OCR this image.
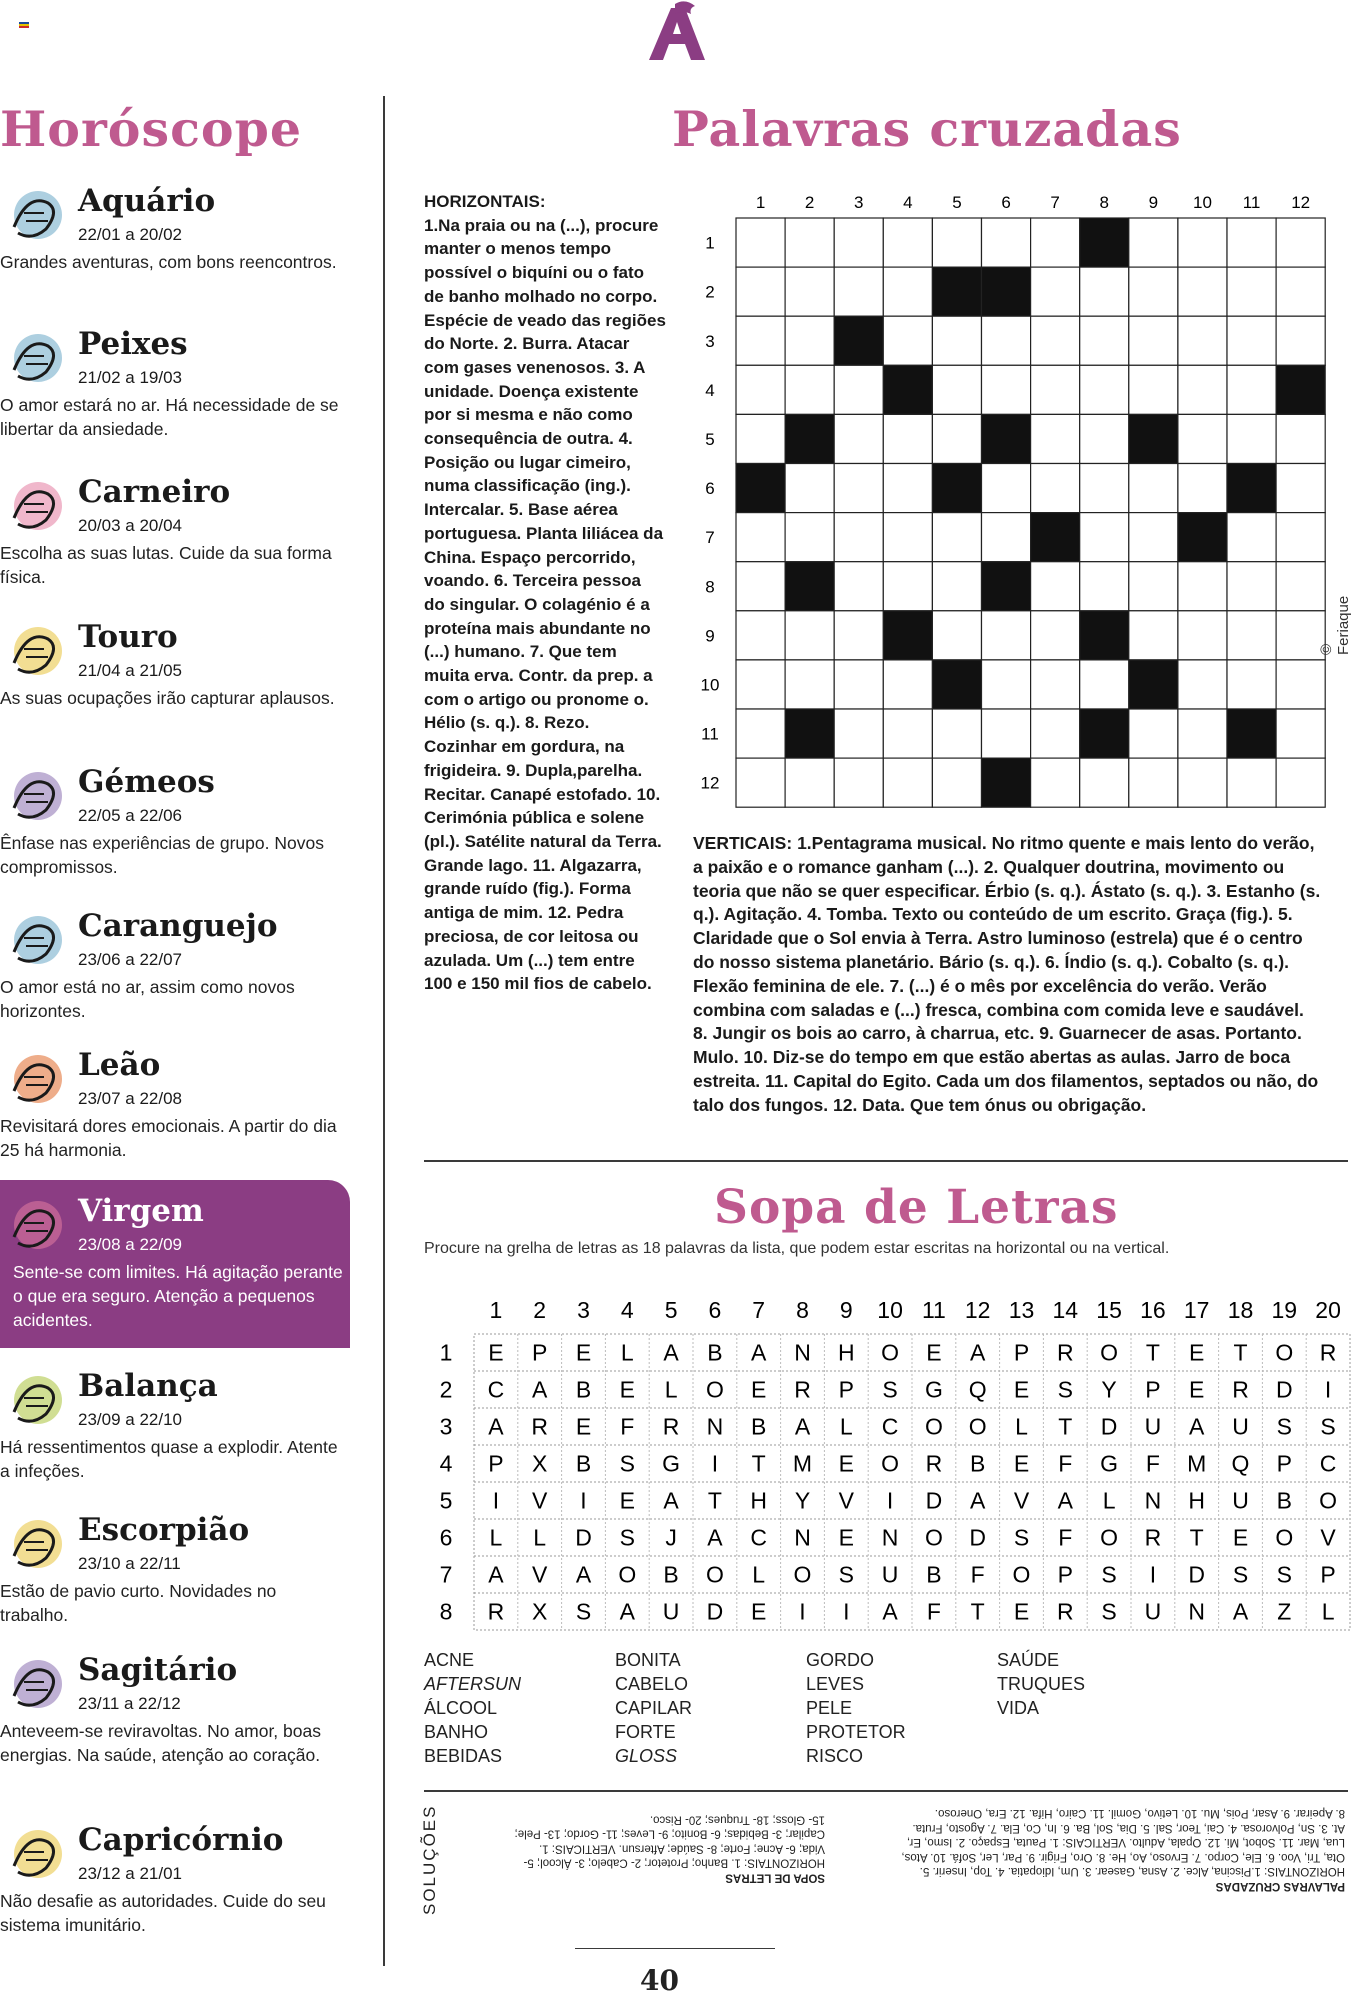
Horóscope
Aquário
22/01 a 20/02
Grandes aventuras, com bons reencontros.
Peixes
21/02 a 19/03
O amor estará no ar. Há necessidade de se libertar da ansiedade.
Carneiro
20/03 a 20/04
Escolha as suas lutas. Cuide da sua forma física.
Touro
21/04 a 21/05
As suas ocupações irão capturar aplausos.
Gémeos
22/05 a 22/06
Ênfase nas experiências de grupo. Novos compromissos.
Caranguejo
23/06 a 22/07
O amor está no ar, assim como novos horizontes.
Leão
23/07 a 22/08
Revisitará dores emocionais. A partir do dia 25 há harmonia.
Virgem
23/08 a 22/09
Sente-se com limites. Há agitação perante o que era seguro. Atenção a pequenos acidentes.
Balança
23/09 a 22/10
Há ressentimentos quase a explodir. Atente a infeções.
Escorpião
23/10 a 22/11
Estão de pavio curto. Novidades no trabalho.
Sagitário
23/11 a 22/12
Anteveem-se reviravoltas. No amor, boas energias. Na saúde, atenção ao coração.
Capricórnio
23/12 a 21/01
Não desafie as autoridades. Cuide do seu sistema imunitário.
Palavras cruzadas
HORIZONTAIS:
1.Na praia ou na (...), procure manter o menos tempo possível o biquíni ou o fato de banho molhado no corpo. Espécie de veado das regiões do Norte. 2. Burra. Atacar com gases venenosos. 3. A unidade. Doença existente por si mesma e não como consequência de outra. 4. Posição ou lugar cimeiro, numa classificação (ing.). Intercalar. 5. Base aérea portuguesa. Planta liliácea da China. Espaço percorrido, voando. 6. Terceira pessoa do singular. O colagénio é a proteína mais abundante no (...) humano. 7. Que tem muita erva. Contr. da prep. a com o artigo ou pronome o. Hélio (s. q.). 8. Rezo. Cozinhar em gordura, na frigideira. 9. Dupla,parelha. Recitar. Canapé estofado. 10. Cerimónia pública e solene (pl.). Satélite natural da Terra. Grande lago. 11. Algazarra, grande ruído (fig.). Forma antiga de mim. 12. Pedra preciosa, de cor leitosa ou azulada. Um (...) tem entre 100 e 150 mil fios de cabelo.
1 2 3 4 5 6 7 8 9 10 11 12
1
2
3
4
5
6
7
8
9
10
11
12
© Feriaque
VERTICAIS: 1.Pentagrama musical. No ritmo quente e mais lento do verão, a paixão e o romance ganham (...). 2. Qualquer doutrina, movimento ou teoria que não se quer especificar. Érbio (s. q.). Ástato (s. q.). 3. Estanho (s. q.). Agitação. 4. Tomba. Texto ou conteúdo de um escrito. Graça (fig.). 5. Claridade que o Sol envia à Terra. Astro luminoso (estrela) que é o centro do nosso sistema planetário. Bário (s. q.). 6. Índio (s. q.). Cobalto (s. q.). Flexão feminina de ele. 7. (...) é o mês por excelência do verão. Verão combina com saladas e (...) fresca, combina com comida leve e saudável. 8. Jungir os bois ao carro, à charrua, etc. 9. Guarnecer de asas. Portanto. Mulo. 10. Diz-se do tempo em que estão abertas as aulas. Jarro de boca estreita. 11. Capital do Egito. Cada um dos filamentos, septados ou não, do talo dos fungos. 12. Data. Que tem ónus ou obrigação.
Sopa de Letras
Procure na grelha de letras as 18 palavras da lista, que podem estar escritas na horizontal ou na vertical.
1 2 3 4 5 6 7 8 9 10 11 12 13 14 15 16 17 18 19 20
1
2
3
4
5
6
7
8
E P E L A B A N H O E A P R O T E T O R
C A B E L O E R P S G Q E S Y P E R D I
A R E F R N B A L C O O L T D U A U S S
P X B S G I T M E O R B E F G F M Q P C
I V I E A T H Y V I D A V A L N H U B O
L L D S J A C N E N O D S F O R T E O V
A V A O B O L O S U B F O P S I D S S P
R X S A U D E I I A F T E R S U N A Z L
ACNE
AFTERSUN
ÁLCOOL
BANHO
BEBIDAS
BONITA
CABELO
CAPILAR
FORTE
GLOSS
GORDO
LEVES
PELE
PROTETOR
RISCO
SAÚDE
TRUQUES
VIDA
SOLUÇÕES	SOPA DE LETRAS
HORIZONTAIS: 1. Banho; Protetor; 2- Cabelo; 3- Álcool; 5- Vida; 6- Acne; Forte; 8- Saúde; Aftersun. VERTICAIS: 1. Capilar; 3- Bebidas; 6- Bonito; 9- Leves; 11- Gordo; 13- Pele; 15- Gloss; 18- Truques; 20- Risco.
PALAVRAS CRUZADAS
HORIZONTAIS: 1.Piscina, Alce. 2. Asna, Gasear. 3. Um, Idiopatia. 4. Top, Inserir. 5. Ota, Tri, Voo. 6. Ele, Corpo. 7. Ervoso, Ao, He. 8. Oro, Frigir. 9. Par, Ler, Sofá. 10. Atos, Lua, Mar. 11. Sobot, Mi. 12. Opala, Adulto. VERTICAIS: 1. Pauta, Espaço. 2. Ismo, Er, At. 3. Sn, Polvorosa. 4. Cai, Teor, Sal. 5. Dia, Sol, Ba. 6. In, Co, Ela. 7. Agosto, Fruta. 8. Apeirar. 9. Asar, Pois, Mu. 10. Letivo, Gomil. 11. Cairo, Hifa. 12. Era, Oneroso.
40
